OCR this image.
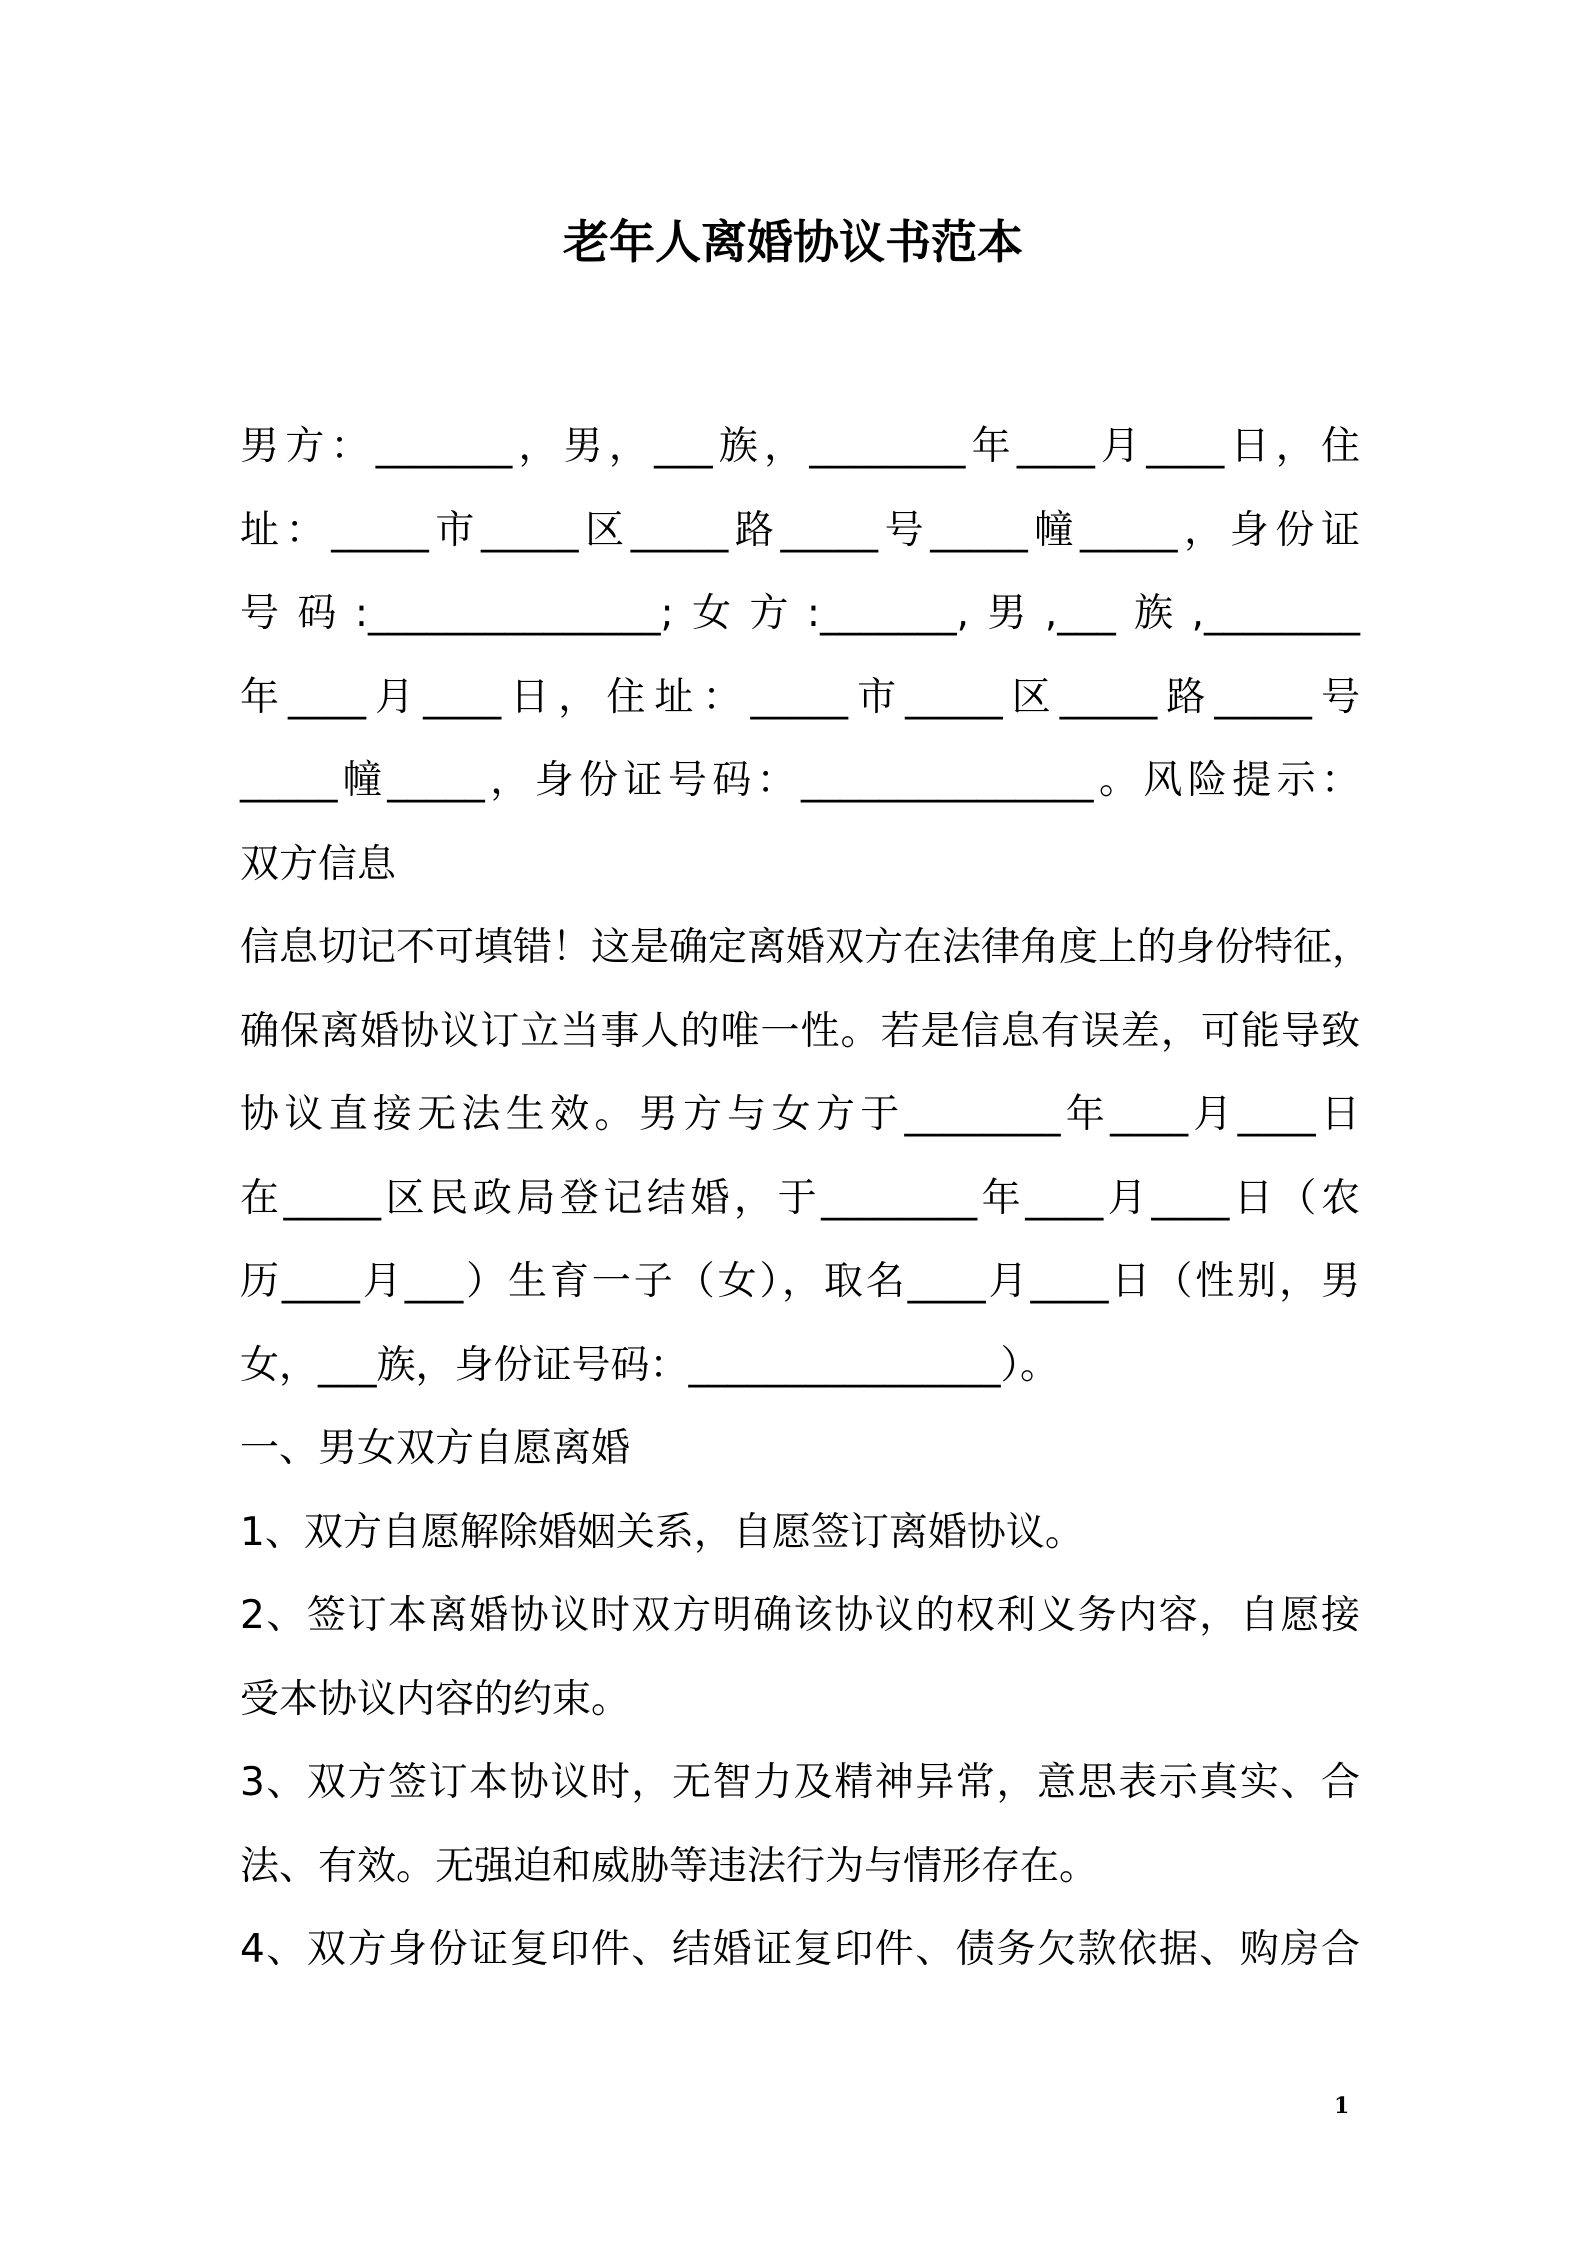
老年人离婚协议书范本

男方：_______，男，___族，________年____月____日，住

址：_____市_____区_____路_____号_____幢_____，身份证

号码:_______________;女方:_______,男,___族,________

年____月____日，住址：_____市_____区_____路_____号

_____幢_____，身份证号码：_______________。风险提示：

双方信息

信息切记不可填错！这是确定离婚双方在法律角度上的身份特征，

确保离婚协议订立当事人的唯一性。若是信息有误差，可能导致

协议直接无法生效。男方与女方于________年____月____日

在_____区民政局登记结婚，于________年____月____日（农

历____月___）生育一子（女），取名____月____日（性别，男

女，___族，身份证号码：________________）。

一、男女双方自愿离婚

1、双方自愿解除婚姻关系，自愿签订离婚协议。

2、签订本离婚协议时双方明确该协议的权利义务内容，自愿接

受本协议内容的约束。

3、双方签订本协议时，无智力及精神异常，意思表示真实、合

法、有效。无强迫和威胁等违法行为与情形存在。

4、双方身份证复印件、结婚证复印件、债务欠款依据、购房合

1
